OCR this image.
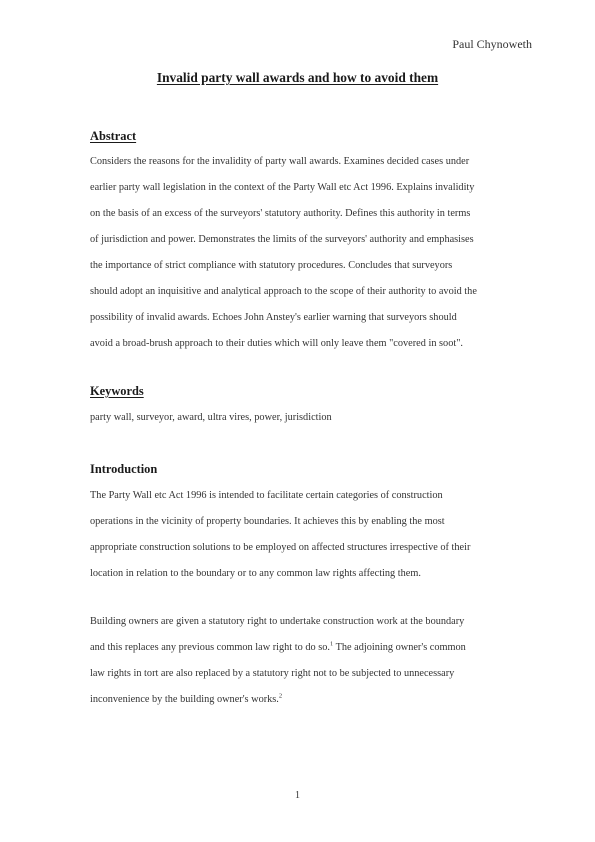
Paul Chynoweth
Invalid party wall awards and how to avoid them
Abstract
Considers the reasons for the invalidity of party wall awards. Examines decided cases under
earlier party wall legislation in the context of the Party Wall etc Act 1996. Explains invalidity
on the basis of an excess of the surveyors' statutory authority. Defines this authority in terms
of jurisdiction and power. Demonstrates the limits of the surveyors' authority and emphasises
the importance of strict compliance with statutory procedures. Concludes that surveyors
should adopt an inquisitive and analytical approach to the scope of their authority to avoid the
possibility of invalid awards. Echoes John Anstey's earlier warning that surveyors should
avoid a broad-brush approach to their duties which will only leave them "covered in soot".
Keywords
party wall, surveyor, award, ultra vires, power, jurisdiction
Introduction
The Party Wall etc Act 1996 is intended to facilitate certain categories of construction
operations in the vicinity of property boundaries. It achieves this by enabling the most
appropriate construction solutions to be employed on affected structures irrespective of their
location in relation to the boundary or to any common law rights affecting them.
Building owners are given a statutory right to undertake construction work at the boundary
and this replaces any previous common law right to do so.$^1$ The adjoining owner's common
law rights in tort are also replaced by a statutory right not to be subjected to unnecessary
inconvenience by the building owner's works.$^2$
1
